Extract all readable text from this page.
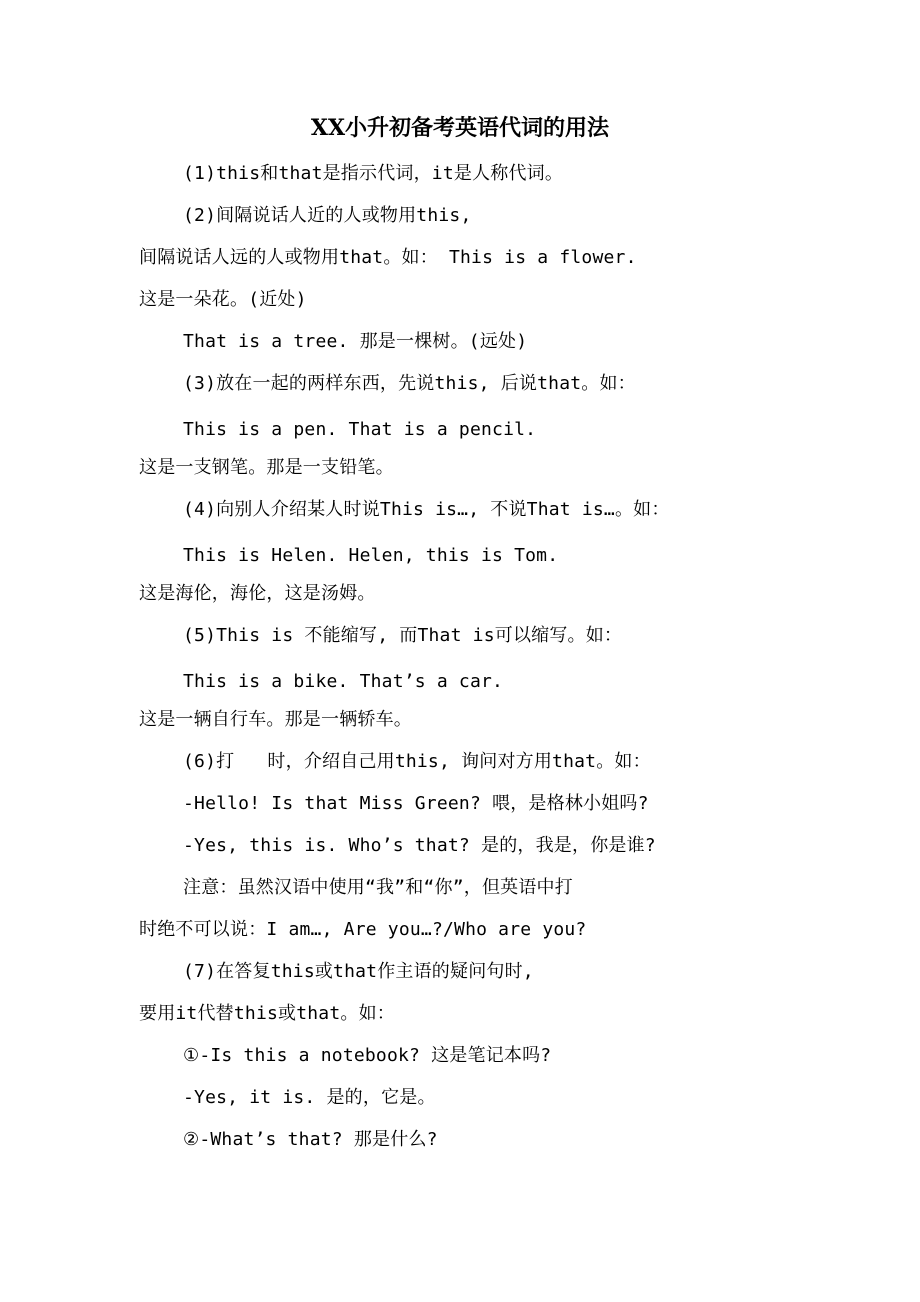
XX小升初备考英语代词的用法
(1)this和that是指示代词，it是人称代词。
(2)间隔说话人近的人或物用this,
间隔说话人远的人或物用that。如： This is a flower.
这是一朵花。(近处)
That is a tree. 那是一棵树。(远处)
(3)放在一起的两样东西，先说this, 后说that。如：
This is a pen. That is a pencil.
这是一支钢笔。那是一支铅笔。
(4)向别人介绍某人时说This is…, 不说That is…。如：
This is Helen. Helen, this is Tom.
这是海伦，海伦，这是汤姆。
(5)This is 不能缩写, 而That is可以缩写。如：
This is a bike. That’s a car.
这是一辆自行车。那是一辆轿车。
(6)打   时，介绍自己用this, 询问对方用that。如：
-Hello! Is that Miss Green? 喂，是格林小姐吗?
-Yes, this is. Who’s that? 是的，我是，你是谁?
注意：虽然汉语中使用“我”和“你”，但英语中打
时绝不可以说：I am…, Are you…?/Who are you?
(7)在答复this或that作主语的疑问句时,
要用it代替this或that。如：
①-Is this a notebook? 这是笔记本吗?
-Yes, it is. 是的，它是。
②-What’s that? 那是什么?
